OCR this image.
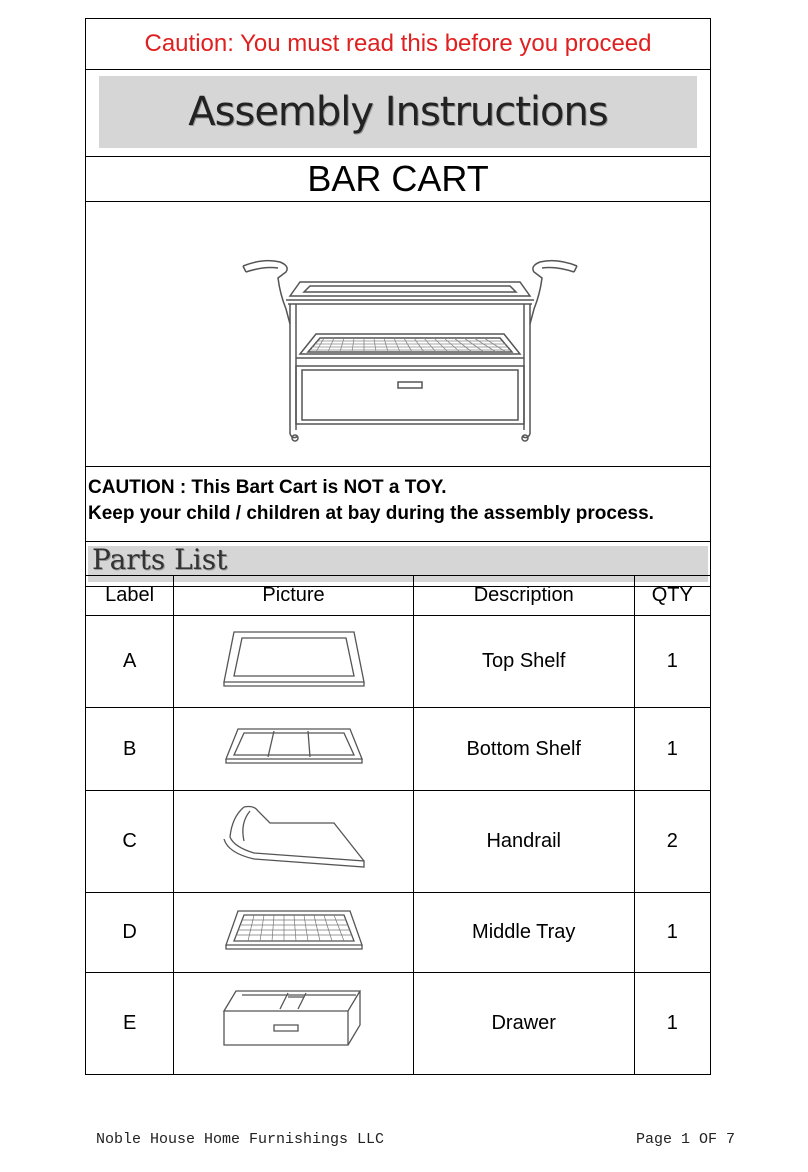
Caution: You must read this before you proceed
Assembly Instructions
BAR CART
CAUTION : This Bart Cart is NOT a TOY.
Keep your child / children at bay during the assembly process.
Parts List
Label	Picture	Description	QTY
A		Top Shelf	1
B		Bottom Shelf	1
C		Handrail	2
D		Middle Tray	1
E		Drawer	1
Noble House Home Furnishings LLC	Page 1 OF 7
